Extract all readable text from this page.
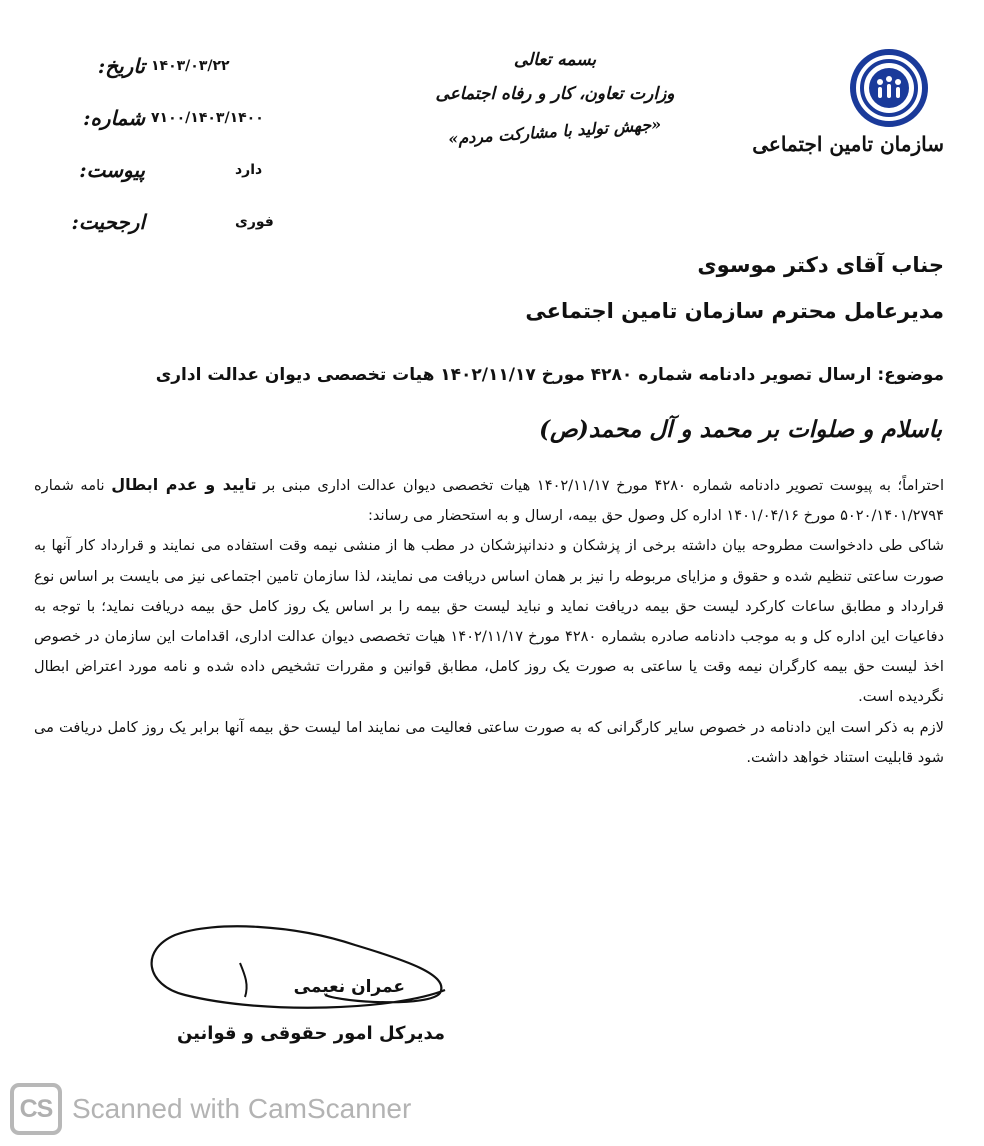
سازمان تامین اجتماعی
بسمه تعالی
وزارت تعاون، کار و رفاه اجتماعی
«جهش تولید با مشارکت مردم»
تاریخ: ۱۴۰۳/۰۳/۲۲
شماره: ۷۱۰۰/۱۴۰۳/۱۴۰۰
پیوست:	دارد
ارجحیت:	فوری
جناب آقای دکتر موسوی
مدیرعامل محترم سازمان تامین اجتماعی
موضوع: ارسال تصویر دادنامه شماره ۴۲۸۰ مورخ ۱۴۰۲/۱۱/۱۷ هیات تخصصی دیوان عدالت اداری
باسلام و صلوات بر محمد و آل محمد(ص)

احتراماً؛ به پیوست تصویر دادنامه شماره ۴۲۸۰ مورخ ۱۴۰۲/۱۱/۱۷ هیات تخصصی دیوان عدالت اداری مبنی بر تایید و عدم ابطال نامه شماره ۵۰۲۰/۱۴۰۱/۲۷۹۴ مورخ ۱۴۰۱/۰۴/۱۶ اداره کل وصول حق بیمه، ارسال و به استحضار می رساند:

شاکی طی دادخواست مطروحه بیان داشته برخی از پزشکان و دندانپزشکان در مطب ها از منشی نیمه وقت استفاده می نمایند و قرارداد کار آنها به صورت ساعتی تنظیم شده و حقوق و مزایای مربوطه را نیز بر همان اساس دریافت می نمایند، لذا سازمان تامین اجتماعی نیز می بایست بر اساس نوع قرارداد و مطابق ساعات کارکرد لیست حق بیمه دریافت نماید و نباید لیست حق بیمه را بر اساس یک روز کامل حق بیمه دریافت نماید؛ با توجه به دفاعیات این اداره کل و به موجب دادنامه صادره بشماره ۴۲۸۰ مورخ ۱۴۰۲/۱۱/۱۷ هیات تخصصی دیوان عدالت اداری، اقدامات این سازمان در خصوص اخذ لیست حق بیمه کارگران نیمه وقت یا ساعتی به صورت یک روز کامل، مطابق قوانین و مقررات تشخیص داده شده و نامه مورد اعتراض ابطال نگردیده است.

لازم به ذکر است این دادنامه در خصوص سایر کارگرانی که به صورت ساعتی فعالیت می نمایند اما لیست حق بیمه آنها برابر یک روز کامل دریافت می شود قابلیت استناد خواهد داشت.

عمران نعیمی
مدیرکل امور حقوقی و قوانین
CS Scanned with CamScanner
